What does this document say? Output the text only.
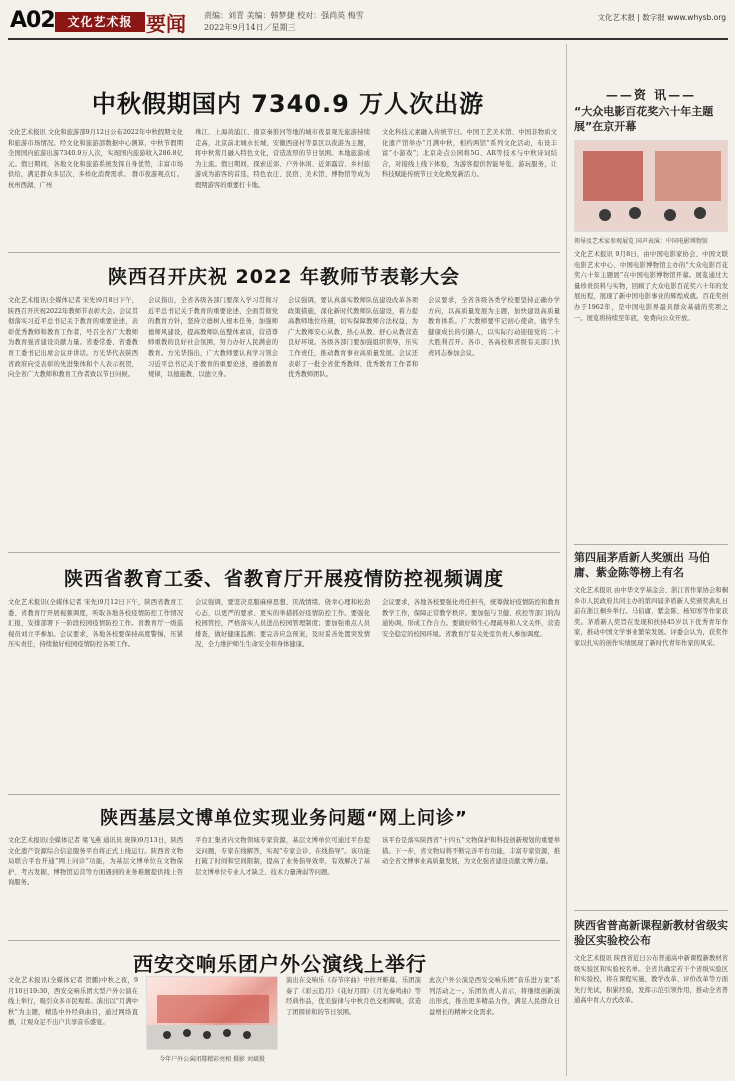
A02	文化艺术报 要闻 责编：刘青 美编：韩梦捷 校对：强尚英 梅雪
2022年9月14日／星期三
文化艺术报 | 数字报 www.whysb.org
中秋假期国内 7340.9 万人次出游
文化艺术报讯 文化和旅游部9月12日公布2022年中秋假期文化和旅游市场情况。经文化和旅游部数据中心测算，中秋节假期全国国内旅游出游7340.9万人次，实现国内旅游收入286.8亿元。假日期间，各地文化和旅游系统发挥自身优势，丰富市场供给，满足群众多层次、多样化消费需求。 群市夜游观点灯。杭州西湖、广州
珠江、上海黄浦江、南京秦淮河等地的城市夜景观光旅游持续走高，北京前北城水长城、安徽西递村等景区以夜游为主题，将中秋赏月融入特色文化，营造浓厚的节日氛围。本地旅游成为主流。假日期间，探索近郊、户外休闲、近郊露营、乡村旅游成为游客的首选，特色农庄、民宿、美术馆、博物馆等成为假期游客的重要打卡地。
文化科技元素融入传统节日。中国工艺美术馆、中国非物质文化遗产馆举办“月满中秋，相约两馆”系列文化活动，布设丰富“小游戏”；北京奇点公园将5G、AR等技术与中秋诗词结合，对接线上线下体验，为游客提供智能导览、游玩服务，让科技赋能传统节日文化焕发新活力。
陕西召开庆祝 2022 年教师节表彰大会
文化艺术报讯(全媒体记者 宋先)9月8日下午，陕西召开庆祝2022年教师节表彰大会。会议贯彻落实习近平总书记关于教育的重要论述，表彰优秀教师和教育工作者，号召全省广大教师为教育强省建设贡献力量。省委常委、省委教育工委书记出席会议并讲话。方光华代表陕西省政府向受表彰的先进集体和个人表示祝贺，向全省广大教师和教育工作者致以节日问候。
会议指出，全省各级各部门要深入学习贯彻习近平总书记关于教育的重要论述，全面贯彻党的教育方针，坚持立德树人根本任务，加强师德师风建设，提高教师队伍整体素质，营造尊师重教的良好社会氛围，努力办好人民满意的教育。方光华指出，广大教师要认真学习领会习近平总书记关于教育的重要论述，遵循教育规律，以德施教、以德立身。
会议强调，要认真落实教师队伍建设改革各项政策措施，深化新时代教师队伍建设，着力提高教师地位待遇，切实保障教师合法权益，为广大教师安心从教、热心从教、舒心从教营造良好环境。各级各部门要加强组织领导，压实工作责任，推动教育事业高质量发展。会议还表彰了一批全省优秀教师、优秀教育工作者和优秀教师团队。
会议要求，全省各级各类学校要坚持正确办学方向，以高质量发展为主题，加快建设高质量教育体系。广大教师要牢记初心使命，做学生健康成长的引路人，以实际行动迎接党的二十大胜利召开。各市、各高校和省级有关部门负责同志参加会议。
陕西省教育工委、省教育厅开展疫情防控视频调度
文化艺术报讯(全媒体记者 宋先)9月12日下午，陕西省教育工委、省教育厅开展视频调度，听取各地各校疫情防控工作情况汇报，安排部署下一阶段校园疫情防控工作。省教育厅一级巡视员刘立平参加。会议要求，各地各校要保持高度警惕，压紧压实责任，持续做好校园疫情防控各项工作。
会议强调，要坚决克服麻痹思想、厌战情绪、侥幸心理和松劲心态，以更严的要求、更实的举措抓好疫情防控工作。要强化校园管控，严格落实人员进出校园管理制度；要加强重点人员排查，做好健康监测；要完善应急预案，及时妥善处置突发情况，全力维护师生生命安全和身体健康。
会议要求，各地各校要强化责任担当，统筹做好疫情防控和教育教学工作，保障正常教学秩序。要加强与卫健、疾控等部门的沟通协调，形成工作合力。要做好师生心理疏导和人文关怀，营造安全稳定的校园环境。省教育厅有关处室负责人参加调度。
陕西基层文博单位实现业务问题“网上问诊”
文化艺术报讯(全媒体记者 梁飞燕 通讯员 庞锋)9月13日，陕西文化遗产资源综合信息服务平台将正式上线运行。陕西省文物局联合平台开通“网上问诊”功能，为基层文博单位在文物保护、考古发掘、博物馆运营等方面遇到的业务难题提供线上咨询服务。
平台汇集省内文物领域专家资源，基层文博单位可通过平台提交问题，专家在线解答，实现“专家会诊、在线指导”。该功能打破了时间和空间限制，提高了业务指导效率，有效解决了基层文博单位专业人才缺乏、技术力量薄弱等问题。
该平台是落实陕西省“十四五”文物保护和科技创新规划的重要举措。下一步，省文物局将不断完善平台功能，丰富专家资源，推动全省文博事业高质量发展，为文化强省建设贡献文博力量。
西安交响乐团户外公演线上举行
文化艺术报讯(全媒体记者 贺鹏)中秋之夜，9月10日19:30，西安交响乐团大型户外公演在线上举行，吸引众多市民观看。演出以“月满中秋”为主题，精选中外经典曲目，通过网络直播，让观众足不出户共享音乐盛宴。
今年户外公演闭幕精彩亮相 摄影 刘斌摄
演出在交响乐《春节序曲》中拉开帷幕，乐团演奏了《彩云追月》《花好月圆》《月光奏鸣曲》等经典作品，优美旋律与中秋月色交相辉映，营造了团圆祥和的节日氛围。
此次户外公演是西安交响乐团“音乐进万家”系列活动之一。乐团负责人表示，将继续创新演出形式，推出更多精品力作，满足人民群众日益增长的精神文化需求。
——资 讯——
“大众电影百花奖六十年主题展”在京开幕
领导及艺术家参观展览 国声表演：中国电影博物馆
文化艺术报讯 9月8日，由中国电影家协会、中国文联电影艺术中心、中国电影博物馆主办的“大众电影百花奖六十年主题展”在中国电影博物馆开幕。展览通过大量珍贵资料与实物，回顾了大众电影百花奖六十年的发展历程，展现了新中国电影事业的辉煌成就。百花奖创办于1962年，是中国电影界最具群众基础的奖项之一。展览将持续至年底，免费向公众开放。
第四届茅盾新人奖颁出 马伯庸、紫金陈等榜上有名
文化艺术报讯 由中华文学基金会、浙江省作家协会和桐乡市人民政府共同主办的第四届茅盾新人奖颁奖典礼日前在浙江桐乡举行。马伯庸、紫金陈、杨知寒等作家获奖。茅盾新人奖旨在发现和扶持45岁以下优秀青年作家，推动中国文学事业繁荣发展。评委会认为，获奖作家以扎实的创作实绩展现了新时代青年作家的风采。
陕西省普高新课程新教材省级实验区实验校公布
文化艺术报讯 陕西省近日公布普通高中新课程新教材省级实验区和实验校名单。全省共确定若干个省级实验区和实验校，将在课程实施、教学改革、评价改革等方面先行先试，积累经验，发挥示范引领作用，推动全省普通高中育人方式改革。
